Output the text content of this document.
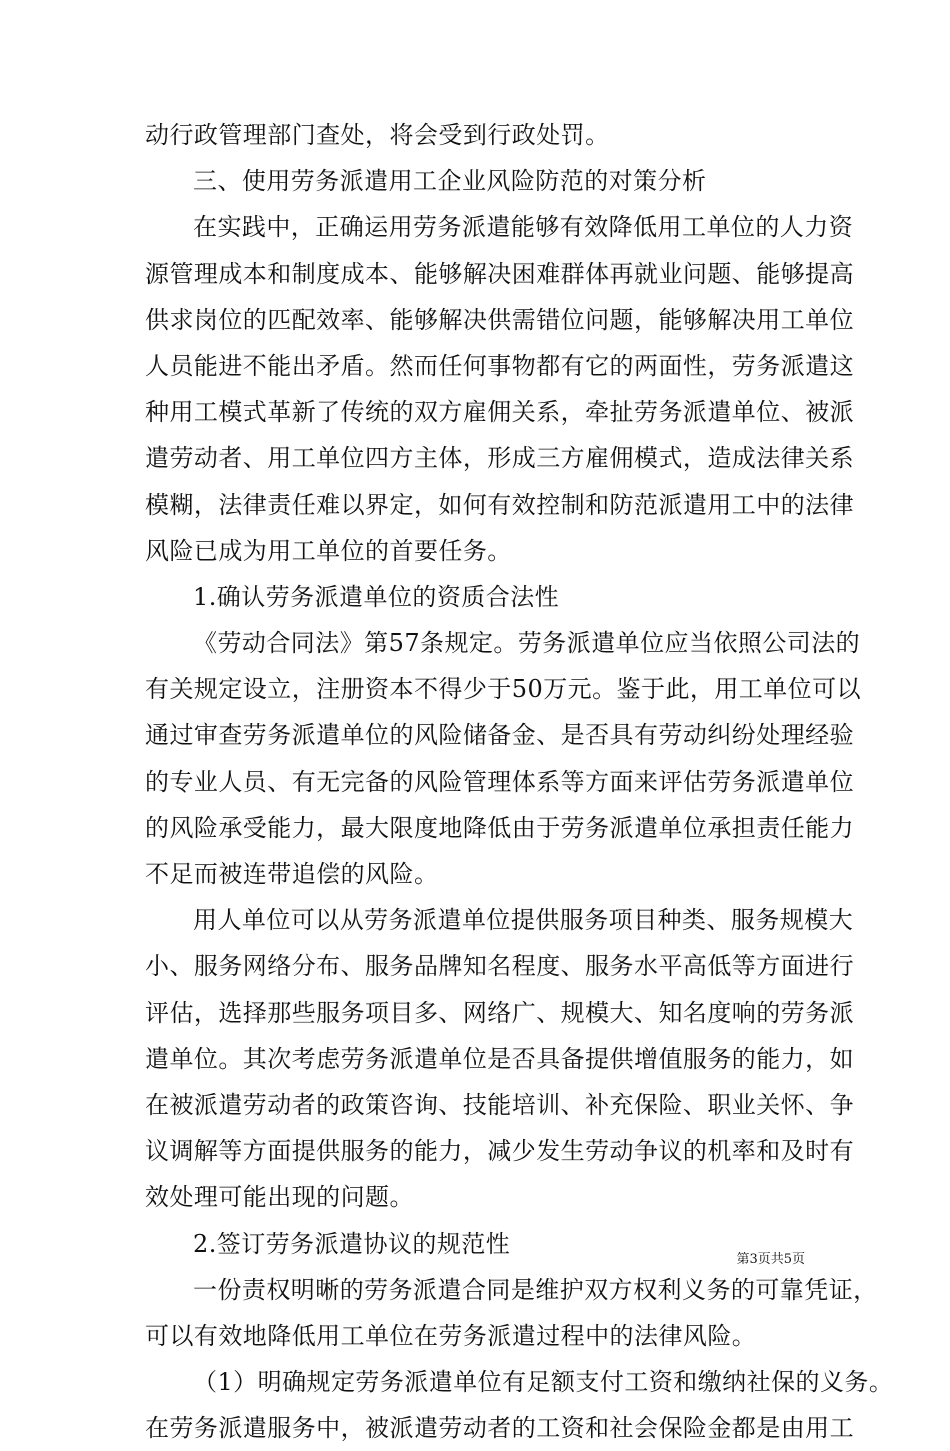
动行政管理部门查处，将会受到行政处罚。
三、使用劳务派遣用工企业风险防范的对策分析
在实践中，正确运用劳务派遣能够有效降低用工单位的人力资
源管理成本和制度成本、能够解决困难群体再就业问题、能够提高
供求岗位的匹配效率、能够解决供需错位问题，能够解决用工单位
人员能进不能出矛盾。然而任何事物都有它的两面性，劳务派遣这
种用工模式革新了传统的双方雇佣关系，牵扯劳务派遣单位、被派
遣劳动者、用工单位四方主体，形成三方雇佣模式，造成法律关系
模糊，法律责任难以界定，如何有效控制和防范派遣用工中的法律
风险已成为用工单位的首要任务。
1.确认劳务派遣单位的资质合法性
《劳动合同法》第57条规定。劳务派遣单位应当依照公司法的
有关规定设立，注册资本不得少于50万元。鉴于此，用工单位可以
通过审查劳务派遣单位的风险储备金、是否具有劳动纠纷处理经验
的专业人员、有无完备的风险管理体系等方面来评估劳务派遣单位
的风险承受能力，最大限度地降低由于劳务派遣单位承担责任能力
不足而被连带追偿的风险。
用人单位可以从劳务派遣单位提供服务项目种类、服务规模大
小、服务网络分布、服务品牌知名程度、服务水平高低等方面进行
评估，选择那些服务项目多、网络广、规模大、知名度响的劳务派
遣单位。其次考虑劳务派遣单位是否具备提供增值服务的能力，如
在被派遣劳动者的政策咨询、技能培训、补充保险、职业关怀、争
议调解等方面提供服务的能力，减少发生劳动争议的机率和及时有
效处理可能出现的问题。
2.签订劳务派遣协议的规范性
一份责权明晰的劳务派遣合同是维护双方权利义务的可靠凭证，
可以有效地降低用工单位在劳务派遣过程中的法律风险。
（1）明确规定劳务派遣单位有足额支付工资和缴纳社保的义务。
在劳务派遣服务中，被派遣劳动者的工资和社会保险金都是由用工
第3页共5页
